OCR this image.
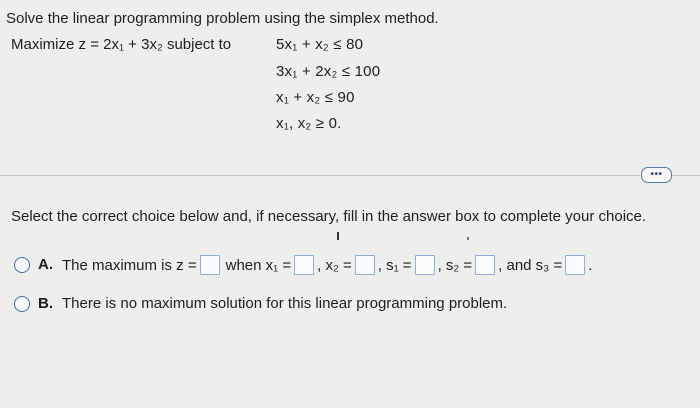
Solve the linear programming problem using the simplex method.
Maximize z = 2x₁ + 3x₂ subject to	5x₁ + x₂ ≤ 80
3x₁ + 2x₂ ≤ 100
x₁ + x₂ ≤ 90
x₁, x₂ ≥ 0.
•••
Select the correct choice below and, if necessary, fill in the answer box to complete your choice.
A. The maximum is z = when x₁ = , x₂ = , s₁ = , s₂ = , and s₃ = .
B. There is no maximum solution for this linear programming problem.
